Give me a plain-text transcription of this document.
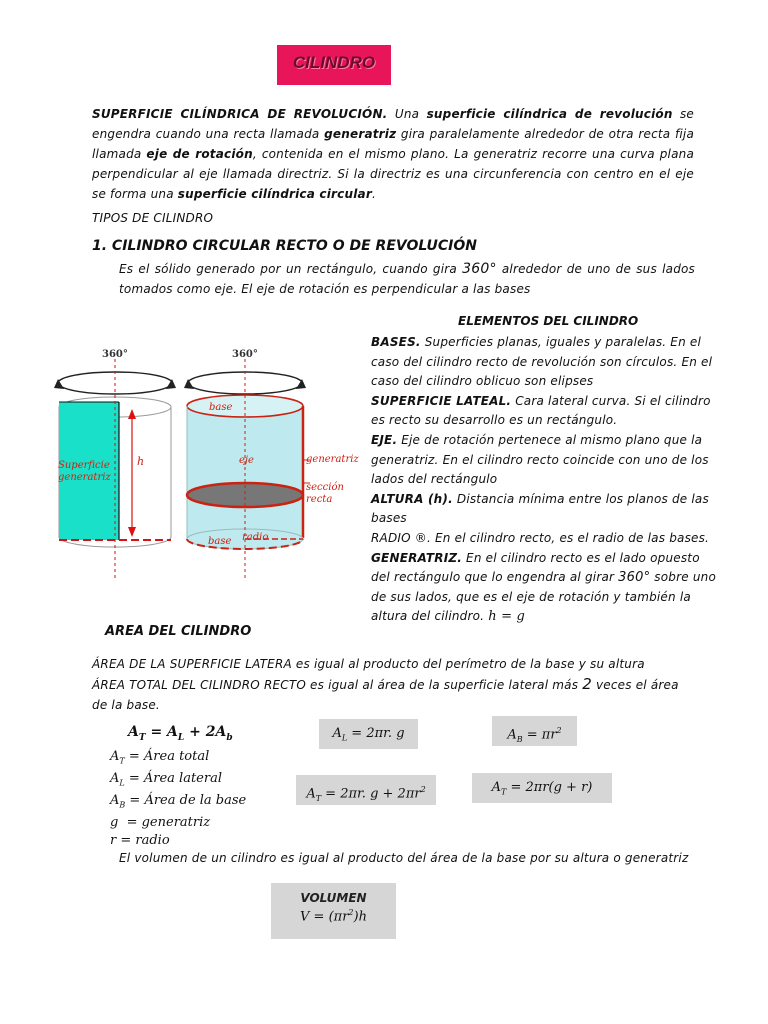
CILINDRO
SUPERFICIE CILÍNDRICA DE REVOLUCIÓN. Una superficie cilíndrica de revolución se engendra cuando una recta llamada generatriz gira paralelamente alrededor de otra recta fija llamada eje de rotación, contenida en el mismo plano. La generatriz recorre una curva plana perpendicular al eje llamada directriz. Si la directriz es una circunferencia con centro en el eje se forma una superficie cilíndrica circular.
TIPOS DE CILINDRO
1. CILINDRO CIRCULAR RECTO O DE REVOLUCIÓN
Es el sólido generado por un rectángulo, cuando gira 360° alrededor de uno de sus lados tomados como eje. El eje de rotación es perpendicular a las bases
360°
Superficie
generatriz
h
360°
base
eje	generatriz
sección
recta
radio
base
ELEMENTOS DEL CILINDRO
BASES. Superficies planas, iguales y paralelas. En el caso del cilindro recto de revolución son círculos. En el caso del cilindro oblicuo son elipses
SUPERFICIE LATEAL. Cara lateral curva. Si el cilindro es recto su desarrollo es un rectángulo.
EJE. Eje de rotación pertenece al mismo plano que la generatriz. En el cilindro recto coincide con uno de los lados del rectángulo
ALTURA (h). Distancia mínima entre los planos de las bases
RADIO ®. En el cilindro recto, es el radio de las bases.
GENERATRIZ. En el cilindro recto es el lado opuesto del rectángulo que lo engendra al girar 360° sobre uno de sus lados, que es el eje de rotación y también la altura del cilindro. h = g
AREA DEL CILINDRO
ÁREA DE LA SUPERFICIE LATERA es igual al producto del perímetro de la base y su altura
ÁREA TOTAL DEL CILINDRO RECTO es igual al área de la superficie lateral más 2 veces el área de la base.
$A_T = A_L + 2A_b$
$A_T$ = Área total
$A_L$ = Área lateral
$A_B$ = Área de la base
g  = generatriz
r = radio
$A_L = 2\pi r$. g	$A_B = \pi r^2$
$A_T = 2\pi r$. $g + 2\pi r^2$	$A_T = 2\pi r(g + r)$
El volumen de un cilindro es igual al producto del área de la base por su altura o generatriz
VOLUMEN
$V = (\pi r^2)h$
